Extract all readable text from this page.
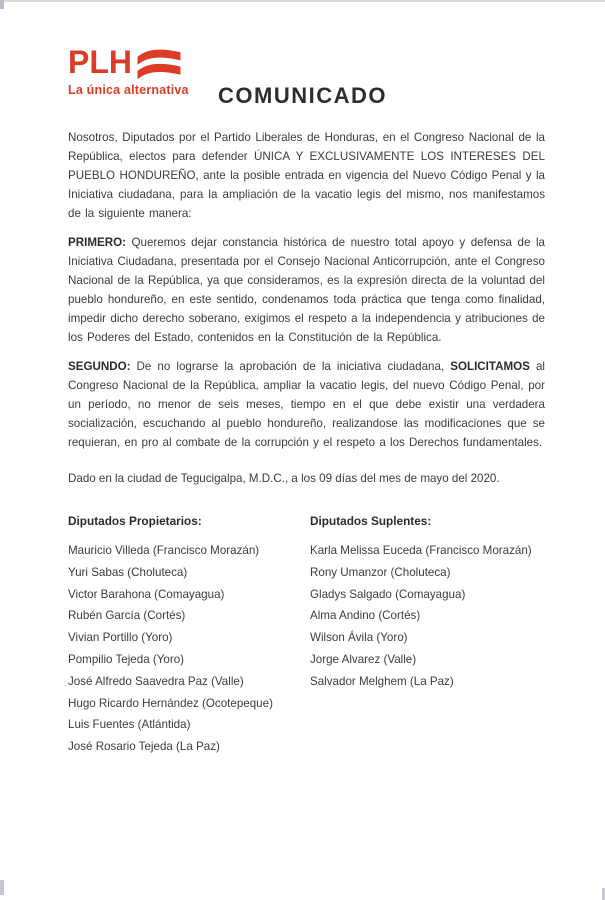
PLH
La única alternativa	COMUNICADO

Nosotros, Diputados por el Partido Liberales de Honduras, en el Congreso Nacional de la República, electos para defender ÚNICA Y EXCLUSIVAMENTE LOS INTERESES DEL PUEBLO HONDUREÑO, ante la posible entrada en vigencia del Nuevo Código Penal y la Iniciativa ciudadana, para la ampliación de la vacatio legis del mismo, nos manifestamos de la siguiente manera:

PRIMERO: Queremos dejar constancia histórica de nuestro total apoyo y defensa de la Iniciativa Ciudadana, presentada por el Consejo Nacional Anticorrupción, ante el Congreso Nacional de la República, ya que consideramos, es la expresión directa de la voluntad del pueblo hondureño, en este sentido, condenamos toda práctica que tenga como finalidad, impedir dicho derecho soberano, exigimos el respeto a la independencia y atribuciones de los Poderes del Estado, contenidos en la Constitución de la República.

SEGUNDO: De no lograrse la aprobación de la iniciativa ciudadana, SOLICITAMOS al Congreso Nacional de la República, ampliar la vacatio legis, del nuevo Código Penal, por un período, no menor de seis meses, tiempo en el que debe existir una verdadera socialización, escuchando al pueblo hondureño, realizandose las modificaciones que se requieran, en pro al combate de la corrupción y el respeto a los Derechos fundamentales.

Dado en la ciudad de Tegucigalpa, M.D.C., a los 09 días del mes de mayo del 2020.

Diputados Propietarios:
Mauricio Villeda (Francisco Morazán)
Yuri Sabas (Choluteca)
Victor Barahona (Comayagua)
Rubén García (Cortés)
Vivian Portillo (Yoro)
Pompilio Tejeda (Yoro)
José Alfredo Saavedra Paz (Valle)
Hugo Ricardo Hernández (Ocotepeque)
Luis Fuentes (Atlántida)
José Rosario Tejeda (La Paz)
Diputados Suplentes:
Karla Melissa Euceda (Francisco Morazán)
Rony Umanzor (Choluteca)
Gladys Salgado (Comayagua)
Alma Andino (Cortés)
Wilson Ávila (Yoro)
Jorge Alvarez (Valle)
Salvador Melghem (La Paz)
